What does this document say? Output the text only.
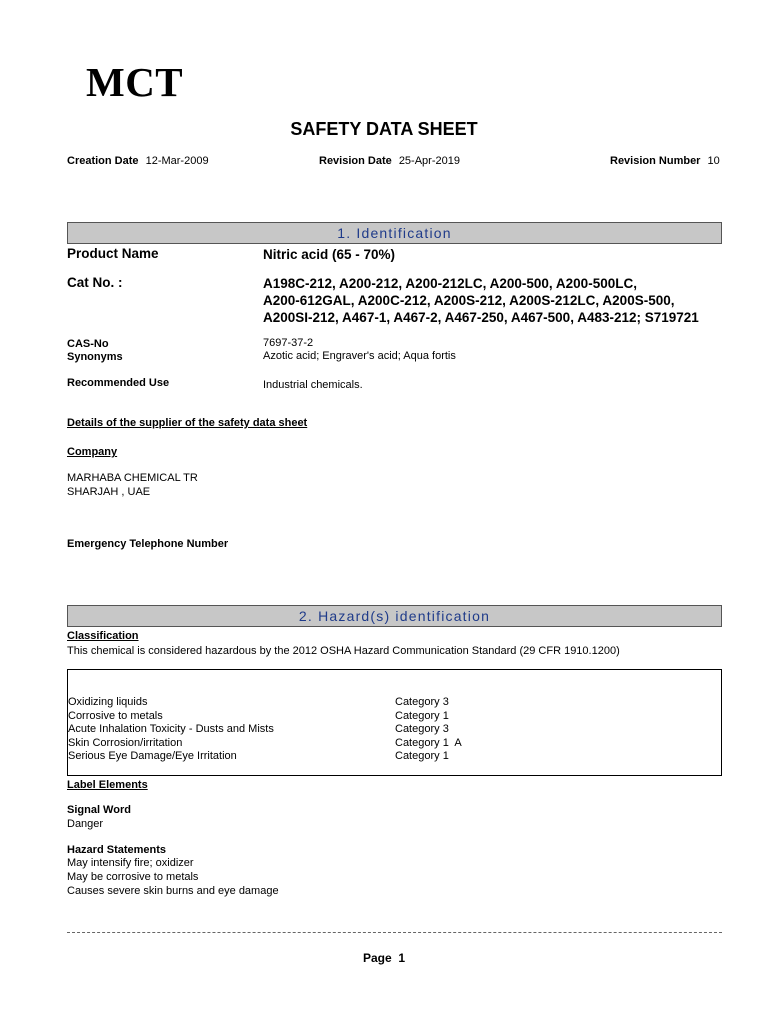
MCT
SAFETY DATA SHEET
Creation Date 12-Mar-2009	Revision Date 25-Apr-2019	Revision Number 10
1. Identification
Product Name	Nitric acid (65 - 70%)
Cat No. :	A198C-212, A200-212, A200-212LC, A200-500, A200-500LC,
A200-612GAL, A200C-212, A200S-212, A200S-212LC, A200S-500,
A200SI-212, A467-1, A467-2, A467-250, A467-500, A483-212; S719721
CAS-No	7697-37-2
Synonyms	Azotic acid; Engraver's acid; Aqua fortis
Recommended Use	Industrial chemicals.
Details of the supplier of the safety data sheet
Company
MARHABA CHEMICAL TR
SHARJAH , UAE
Emergency Telephone Number
2. Hazard(s) identification
Classification
This chemical is considered hazardous by the 2012 OSHA Hazard Communication Standard (29 CFR 1910.1200)
Oxidizing liquids	Category 3
Corrosive to metals	Category 1
Acute Inhalation Toxicity - Dusts and Mists	Category 3
Skin Corrosion/irritation	Category 1  A
Serious Eye Damage/Eye Irritation	Category 1
Label Elements
Signal Word
Danger
Hazard Statements
May intensify fire; oxidizer
May be corrosive to metals
Causes severe skin burns and eye damage
Page 1
